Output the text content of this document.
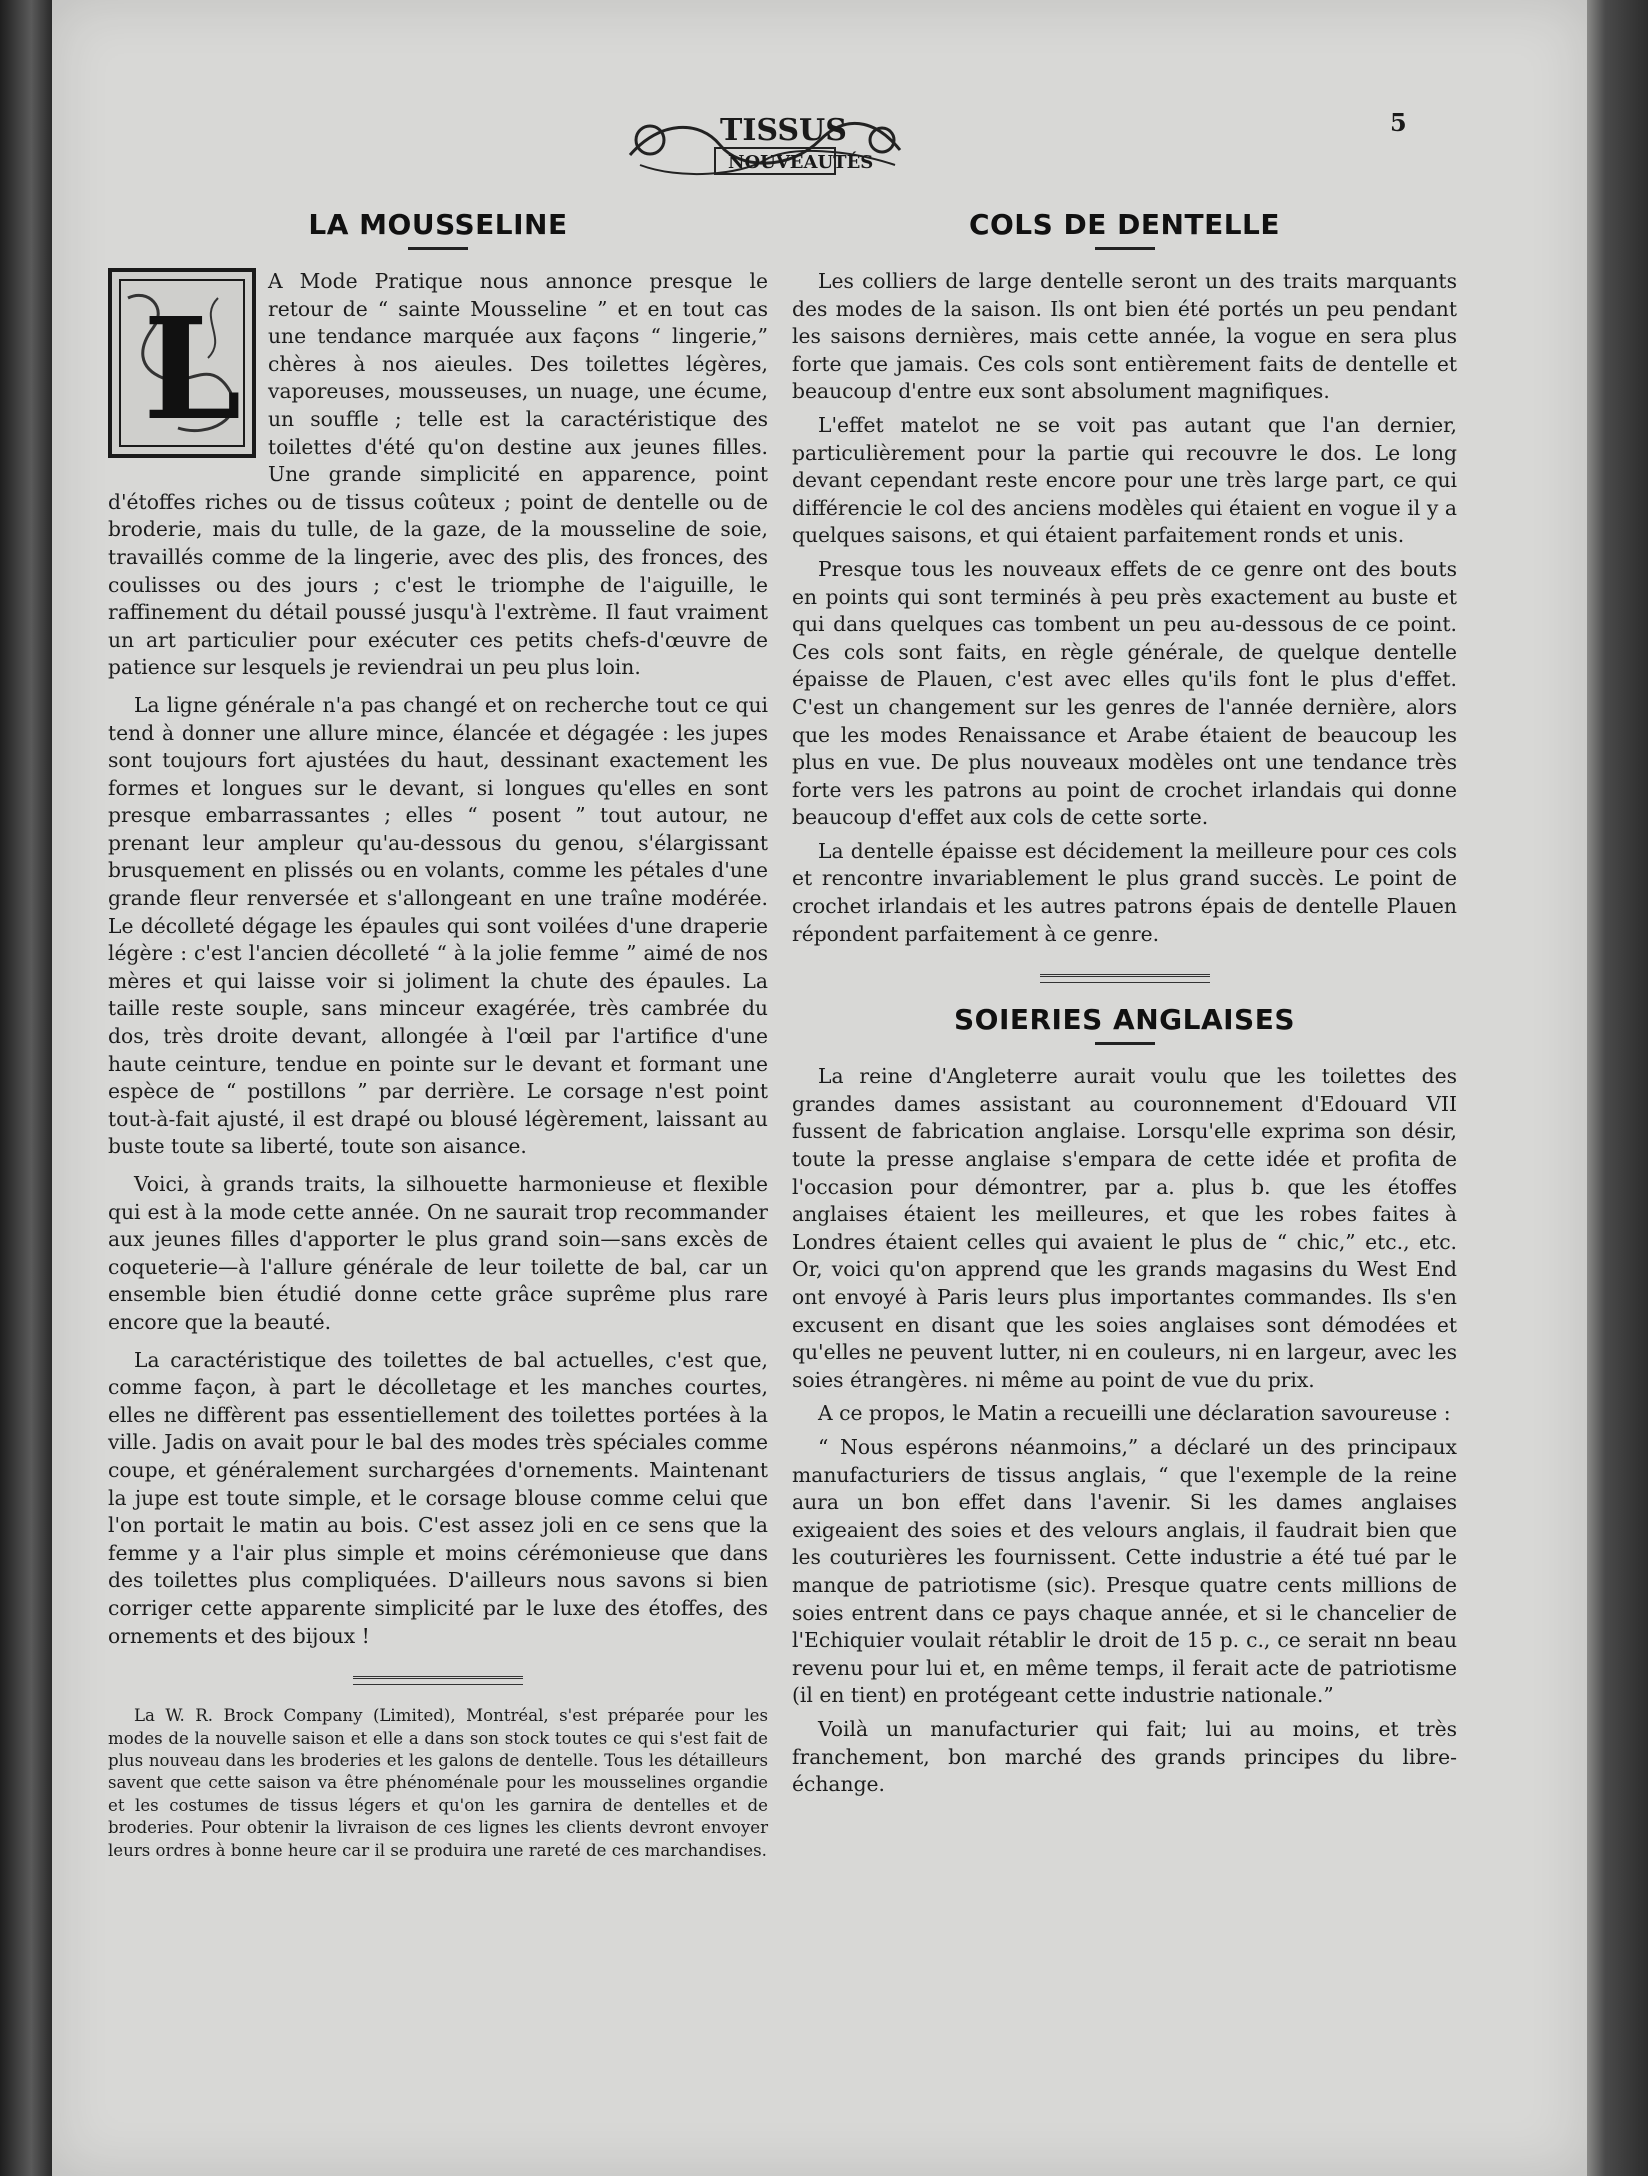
TISSUS
NOUVEAUTÉS
5
LA MOUSSELINE
L

A Mode Pratique nous annonce presque le retour de “ sainte Mousseline ” et en tout cas une tendance marquée aux façons “ lingerie,” chères à nos aieules. Des toilettes légères, vaporeuses, mousseuses, un nuage, une écume, un souffle ; telle est la caractéristique des toilettes d'été qu'on destine aux jeunes filles. Une grande simplicité en apparence, point d'étoffes riches ou de tissus coûteux ; point de dentelle ou de broderie, mais du tulle, de la gaze, de la mousseline de soie, travaillés comme de la lingerie, avec des plis, des fronces, des coulisses ou des jours ; c'est le triomphe de l'aiguille, le raffinement du détail poussé jusqu'à l'extrème. Il faut vraiment un art particulier pour exécuter ces petits chefs-d'œuvre de patience sur lesquels je reviendrai un peu plus loin.

La ligne générale n'a pas changé et on recherche tout ce qui tend à donner une allure mince, élancée et dégagée : les jupes sont toujours fort ajustées du haut, dessinant exactement les formes et longues sur le devant, si longues qu'elles en sont presque embarrassantes ; elles “ posent ” tout autour, ne prenant leur ampleur qu'au-dessous du genou, s'élargissant brusquement en plissés ou en volants, comme les pétales d'une grande fleur renversée et s'allongeant en une traîne modérée. Le décolleté dégage les épaules qui sont voilées d'une draperie légère : c'est l'ancien décolleté “ à la jolie femme ” aimé de nos mères et qui laisse voir si joliment la chute des épaules. La taille reste souple, sans minceur exagérée, très cambrée du dos, très droite devant, allongée à l'œil par l'artifice d'une haute ceinture, tendue en pointe sur le devant et formant une espèce de “ postillons ” par derrière. Le corsage n'est point tout-à-fait ajusté, il est drapé ou blousé légèrement, laissant au buste toute sa liberté, toute son aisance.

Voici, à grands traits, la silhouette harmonieuse et flexible qui est à la mode cette année. On ne saurait trop recommander aux jeunes filles d'apporter le plus grand soin—sans excès de coqueterie—à l'allure générale de leur toilette de bal, car un ensemble bien étudié donne cette grâce suprême plus rare encore que la beauté.

La caractéristique des toilettes de bal actuelles, c'est que, comme façon, à part le décolletage et les manches courtes, elles ne diffèrent pas essentiellement des toilettes portées à la ville. Jadis on avait pour le bal des modes très spéciales comme coupe, et généralement surchargées d'ornements. Maintenant la jupe est toute simple, et le corsage blouse comme celui que l'on portait le matin au bois. C'est assez joli en ce sens que la femme y a l'air plus simple et moins cérémonieuse que dans des toilettes plus compliquées. D'ailleurs nous savons si bien corriger cette apparente simplicité par le luxe des étoffes, des ornements et des bijoux !

La W. R. Brock Company (Limited), Montréal, s'est préparée pour les modes de la nouvelle saison et elle a dans son stock toutes ce qui s'est fait de plus nouveau dans les broderies et les galons de dentelle. Tous les détailleurs savent que cette saison va être phénoménale pour les mousselines organdie et les costumes de tissus légers et qu'on les garnira de dentelles et de broderies. Pour obtenir la livraison de ces lignes les clients devront envoyer leurs ordres à bonne heure car il se produira une rareté de ces marchandises.

COLS DE DENTELLE

Les colliers de large dentelle seront un des traits marquants des modes de la saison. Ils ont bien été portés un peu pendant les saisons dernières, mais cette année, la vogue en sera plus forte que jamais. Ces cols sont entièrement faits de dentelle et beaucoup d'entre eux sont absolument magnifiques.

L'effet matelot ne se voit pas autant que l'an dernier, particulièrement pour la partie qui recouvre le dos. Le long devant cependant reste encore pour une très large part, ce qui différencie le col des anciens modèles qui étaient en vogue il y a quelques saisons, et qui étaient parfaitement ronds et unis.

Presque tous les nouveaux effets de ce genre ont des bouts en points qui sont terminés à peu près exactement au buste et qui dans quelques cas tombent un peu au-dessous de ce point. Ces cols sont faits, en règle générale, de quelque dentelle épaisse de Plauen, c'est avec elles qu'ils font le plus d'effet. C'est un changement sur les genres de l'année dernière, alors que les modes Renaissance et Arabe étaient de beaucoup les plus en vue. De plus nouveaux modèles ont une tendance très forte vers les patrons au point de crochet irlandais qui donne beaucoup d'effet aux cols de cette sorte.

La dentelle épaisse est décidement la meilleure pour ces cols et rencontre invariablement le plus grand succès. Le point de crochet irlandais et les autres patrons épais de dentelle Plauen répondent parfaitement à ce genre.

SOIERIES ANGLAISES

La reine d'Angleterre aurait voulu que les toilettes des grandes dames assistant au couronnement d'Edouard VII fussent de fabrication anglaise. Lorsqu'elle exprima son désir, toute la presse anglaise s'empara de cette idée et profita de l'occasion pour démontrer, par a. plus b. que les étoffes anglaises étaient les meilleures, et que les robes faites à Londres étaient celles qui avaient le plus de “ chic,” etc., etc. Or, voici qu'on apprend que les grands magasins du West End ont envoyé à Paris leurs plus importantes commandes. Ils s'en excusent en disant que les soies anglaises sont démodées et qu'elles ne peuvent lutter, ni en couleurs, ni en largeur, avec les soies étrangères. ni même au point de vue du prix.

A ce propos, le Matin a recueilli une déclaration savoureuse :

“ Nous espérons néanmoins,” a déclaré un des principaux manufacturiers de tissus anglais, “ que l'exemple de la reine aura un bon effet dans l'avenir. Si les dames anglaises exigeaient des soies et des velours anglais, il faudrait bien que les couturières les fournissent. Cette industrie a été tué par le manque de patriotisme (sic). Presque quatre cents millions de soies entrent dans ce pays chaque année, et si le chancelier de l'Echiquier voulait rétablir le droit de 15 p. c., ce serait nn beau revenu pour lui et, en même temps, il ferait acte de patriotisme (il en tient) en protégeant cette industrie nationale.”

Voilà un manufacturier qui fait; lui au moins, et très franchement, bon marché des grands principes du libre-échange.
